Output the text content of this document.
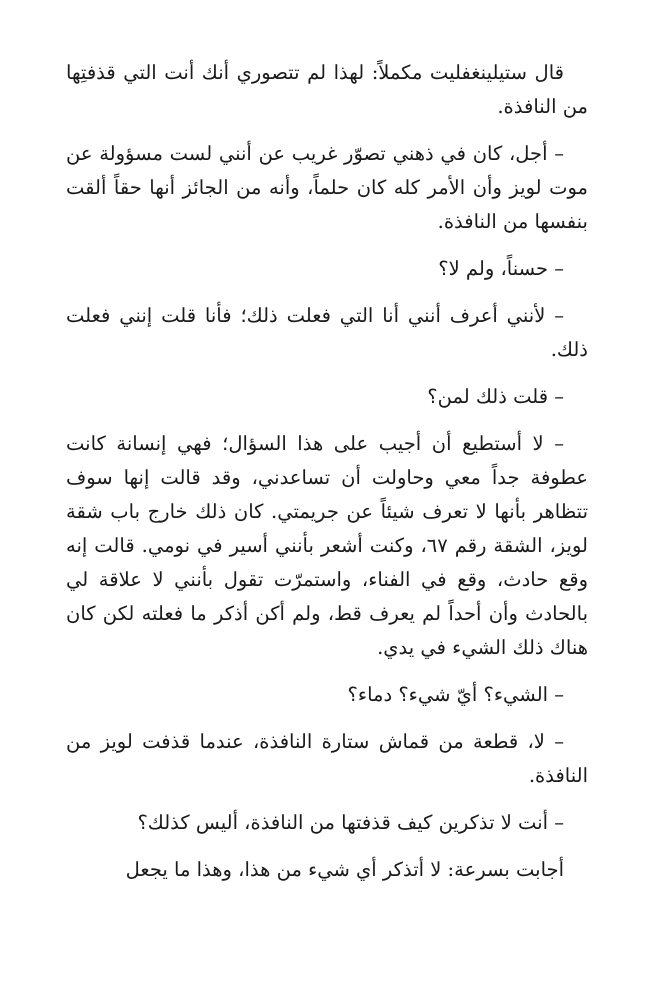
قال ستيلينغفليت مكملاً: لهذا لم تتصوري أنك أنت التي قذفتِها من النافذة.

– أجل، كان في ذهني تصوّر غريب عن أنني لست مسؤولة عن موت لويز وأن الأمر كله كان حلماً، وأنه من الجائز أنها حقاً ألقت بنفسها من النافذة.

– حسناً، ولم لا؟

– لأنني أعرف أنني أنا التي فعلت ذلك؛ فأنا قلت إنني فعلت ذلك.

– قلت ذلك لمن؟

– لا أستطيع أن أجيب على هذا السؤال؛ فهي إنسانة كانت عطوفة جداً معي وحاولت أن تساعدني، وقد قالت إنها سوف تتظاهر بأنها لا تعرف شيئاً عن جريمتي. كان ذلك خارج باب شقة لويز، الشقة رقم ٦٧، وكنت أشعر بأنني أسير في نومي. قالت إنه وقع حادث، وقع في الفناء، واستمرّت تقول بأنني لا علاقة لي بالحادث وأن أحداً لم يعرف قط، ولم أكن أذكر ما فعلته لكن كان هناك ذلك الشيء في يدي.

– الشيء؟ أيّ شيء؟ دماء؟

– لا، قطعة من قماش ستارة النافذة، عندما قذفت لويز من النافذة.

– أنت لا تذكرين كيف قذفتها من النافذة، أليس كذلك؟

أجابت بسرعة: لا أتذكر أي شيء من هذا، وهذا ما يجعل
